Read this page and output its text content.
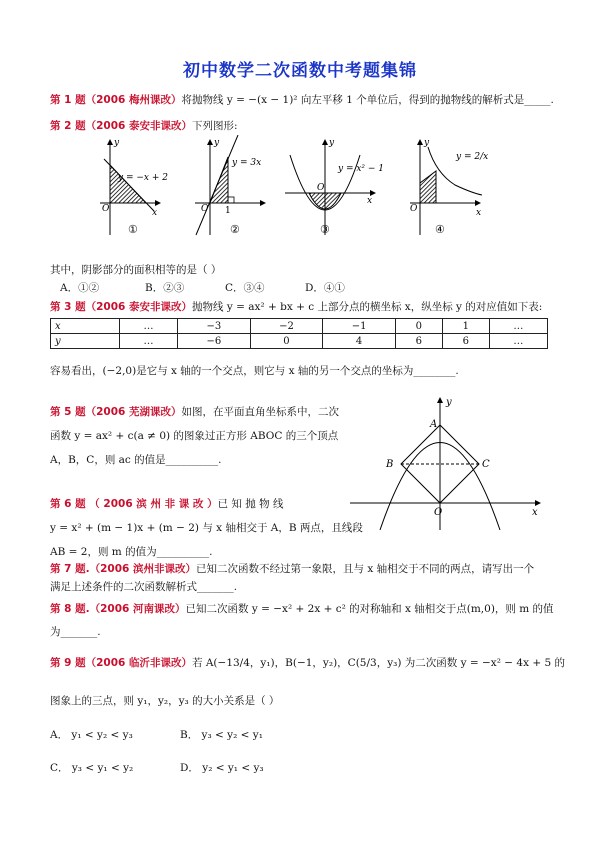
初中数学二次函数中考题集锦
第 1 题（2006 梅州课改）将抛物线 y = −(x − 1)² 向左平移 1 个单位后，得到的抛物线的解析式是_____.
第 2 题（2006 泰安非课改）下列图形:
y = −x + 2
O
y
x
①
y = 3x
O 1
y
②
y = x² − 1
O
y
x
③
y = 2/x
O
y
x
④
其中，阴影部分的面积相等的是（ ）
A．①②	B．②③	C．③④	D．④①
第 3 题（2006 泰安非课改）抛物线 y = ax² + bx + c 上部分点的横坐标 x，纵坐标 y 的对应值如下表:
x	…	−3	−2	−1	0	1	…
y	…	−6	0	4	6	6	…
容易看出，(−2,0)是它与 x 轴的一个交点，则它与 x 轴的另一个交点的坐标为________.
第 5 题（2006 芜湖课改）如图，在平面直角坐标系中，二次
函数 y = ax² + c(a ≠ 0) 的图象过正方形 ABOC 的三个顶点
A，B，C，则 ac 的值是__________.
A
B	C
O	x
y
第 6 题 （ 2006 滨 州 非 课 改 ）已 知 抛 物 线
y = x² + (m − 1)x + (m − 2) 与 x 轴相交于 A，B 两点，且线段
AB = 2，则 m 的值为__________.
第 7 题.（2006 滨州非课改）已知二次函数不经过第一象限，且与 x 轴相交于不同的两点，请写出一个
满足上述条件的二次函数解析式_______.
第 8 题.（2006 河南课改）已知二次函数 y = −x² + 2x + c² 的对称轴和 x 轴相交于点(m,0)，则 m 的值
为_______.
第 9 题（2006 临沂非课改）若 A(−13/4，y₁)，B(−1，y₂)，C(5/3，y₃) 为二次函数 y = −x² − 4x + 5 的
图象上的三点，则 y₁，y₂，y₃ 的大小关系是（ ）
A． y₁ < y₂ < y₃	B． y₃ < y₂ < y₁
C． y₃ < y₁ < y₂	D． y₂ < y₁ < y₃
